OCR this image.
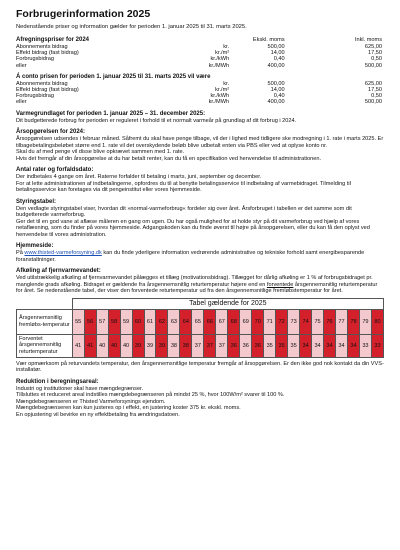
Forbrugerinformation 2025

Nedenstående priser og information gælder for perioden 1. januar 2025 til 31. marts 2025.

Afregningspriser for 2024		Ekskl. moms	Inkl. moms
Abonnements bidrag	kr.	500,00	625,00
Effekt bidrag (fast bidrag)	kr./m²	14,00	17,50
Forbrugsbidrag	kr./kWh	0,40	0,50
eller	kr./MWh	400,00	500,00
Á conto prisen for perioden 1. januar 2025 til 31. marts 2025 vil være			
Abonnements bidrag	kr.	500,00	625,00
Effekt bidrag (fast bidrag)	kr./m²	14,00	17,50
Forbrugsbidrag	kr./kWh	0,40	0,50
eller	kr./MWh	400,00	500,00

Varmegrundlaget for perioden 1. januar 2025 – 31. december 2025:

Dit budgetterede forbrug for perioden er reguleret i forhold til et normalt varmeår på grundlag af dit forbrug i 2024.

Årsopgørelsen for 2024:

Årsopgørelsen udsendes i februar måned. Såfremt du skal have penge tilbage, vil der i lighed med tidligere ske modregning i 1. rate i marts 2025. Er tilbagebetalingsbeløbet større end 1. rate vil det overskydende beløb blive udbetalt enten via PBS eller ved at oplyse konto nr.

Skal du af med penge vil disse blive opkrævet sammen med 1. rate.

Hvis det fremgår af din årsopgørelse at du har betalt renter, kan du få en specifikation ved henvendelse til administrationen.

Antal rater og forfaldsdato:

Der indbetales 4 gange om året. Raterne forfalder til betaling i marts, juni, september og december.

For at lette administrationen af indbetalingerne, opfordres du til at benytte betalingsservice til indbetaling af varmebidraget. Tilmelding til betalingsservice kan foretages via dit pengeinstitut eller vores hjemmeside.

Styringstabel:

Den vedlagte styringstabel viser, hvordan dit »normal-varmeforbrug« fordeler sig over året. Årsforbruget i tabellen er det samme som dit budgetterede varmeforbrug.

Ger det til en god vane at aflæse måleren en gang om ugen. Du har også mulighed for at holde styr på dit varmeforbrug ved hjælp af vores netaflæsning, som du finder på vores hjemmeside. Adgangskoden kan du finde øverst til højre på årsopgørelsen, eller du kan få den oplyst ved henvendelse til vores administration.

Hjemmeside:

På www.thisted-varmeforsyning.dk kan du finde yderligere information vedrørende administrative og tekniske forhold samt energibesparende foranstaltninger.

Afkøling af fjernvarmevandet:

Ved utilstrækkelig afkøling af fjernvarmevandet pålægges et tillæg (motivationsbidrag). Tillægget for dårlig afkøling er 1 % af forbrugsbidraget pr. manglende grads afkøling. Bidraget er gældende fra årsgennemsnitlig returtemperatur højere end en forventede årsgennemsnitlig returtemperatur for året. Se nedenstående tabel, der viser den forventede returtemperatur ud fra den årsgennemsnitlige fremløbstemperatur for året.

	Tabel gældende for 2025																									
Årsgennemsnitlig fremløbs-temperatur	55	56	57	58	59	60	61	62	63	64	65	66	67	68	69	70	71	72	73	74	75	76	77	78	79	80
Forventet årsgennemsnitlig returtemperatur	41	41	40	40	40	39	39	39	38	38	37	37	37	36	36	36	35	35	35	34	34	34	34	34	33	33

Vær opmærksom på returvandets temperatur, den årsgennemsnitlige temperatur fremgår af årsopgørelsen. Er den ikke god nok kontakt da din VVS-installatør.

Reduktion i beregningsareal:

Industri og institutioner skal have mængdegrænser.

Tillsluttes et reduceret areal indstilles mængdebegrænseren på mindst 25 %, hvor 100W/m² svarer til 100 %.

Mængdebegrænseren er Thisted Varmeforsynings ejendom.

Mængdebegrænseren kan kun justeres op i effekt, en justering koster 375 kr. ekskl. moms.

En opjustering vil bevirke en ny effektbetaling fra ændringsdatoen.
